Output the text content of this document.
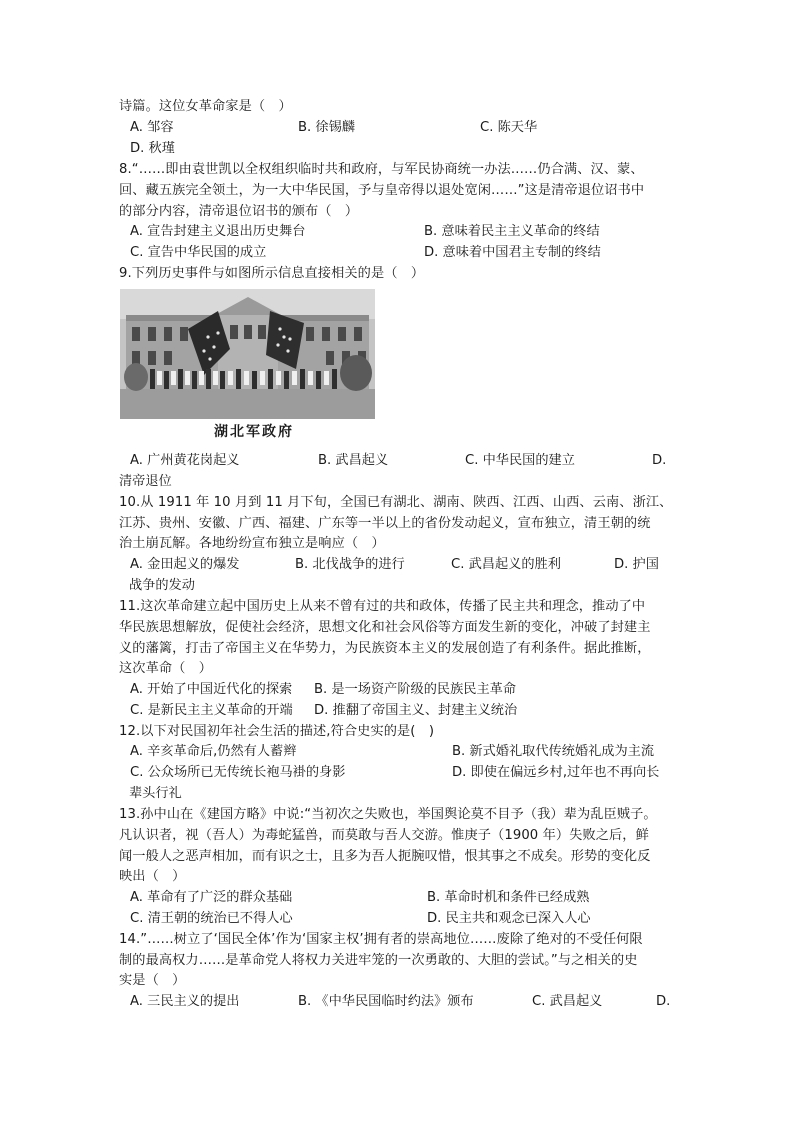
诗篇。这位女革命家是（　）
A. 邹容	B. 徐锡麟	C. 陈天华
D. 秋瑾
8.“……即由袁世凯以全权组织临时共和政府，与军民协商统一办法……仍合满、汉、蒙、
回、藏五族完全领土，为一大中华民国，予与皇帝得以退处宽闲……”这是清帝退位诏书中
的部分内容，清帝退位诏书的颁布（　）
A. 宣告封建主义退出历史舞台	B. 意味着民主主义革命的终结
C. 宣告中华民国的成立	D. 意味着中国君主专制的终结
9.下列历史事件与如图所示信息直接相关的是（　）
湖北军政府
A. 广州黄花岗起义	B. 武昌起义	C. 中华民国的建立	D.
清帝退位
10.从 1911 年 10 月到 11 月下旬，全国已有湖北、湖南、陕西、江西、山西、云南、浙江、
江苏、贵州、安徽、广西、福建、广东等一半以上的省份发动起义，宣布独立，清王朝的统
治土崩瓦解。各地纷纷宣布独立是响应（　）
A. 金田起义的爆发	B. 北伐战争的进行	C. 武昌起义的胜利	D. 护国
战争的发动
11.这次革命建立起中国历史上从来不曾有过的共和政体，传播了民主共和理念，推动了中
华民族思想解放，促使社会经济，思想文化和社会风俗等方面发生新的变化，冲破了封建主
义的藩篱，打击了帝国主义在华势力，为民族资本主义的发展创造了有利条件。据此推断，
这次革命（　）
A. 开始了中国近代化的探索 B. 是一场资产阶级的民族民主革命
C. 是新民主主义革命的开端 D. 推翻了帝国主义、封建主义统治
12.以下对民国初年社会生活的描述,符合史实的是(　)
A. 辛亥革命后,仍然有人蓄辫	B. 新式婚礼取代传统婚礼成为主流
C. 公众场所已无传统长袍马褂的身影	D. 即使在偏远乡村,过年也不再向长
辈头行礼
13.孙中山在《建国方略》中说:“当初次之失败也，举国舆论莫不目予（我）辈为乱臣贼子。
凡认识者，视（吾人）为毒蛇猛兽，而莫敢与吾人交游。惟庚子（1900 年）失败之后，鲜
闻一般人之恶声相加，而有识之士，且多为吾人扼腕叹惜，恨其事之不成矣。形势的变化反
映出（　）
A. 革命有了广泛的群众基础	B. 革命时机和条件已经成熟
C. 清王朝的统治已不得人心	D. 民主共和观念已深入人心
14.”……树立了‘国民全体’作为‘国家主权’拥有者的崇高地位……废除了绝对的不受任何限
制的最高权力……是革命党人将权力关进牢笼的一次勇敢的、大胆的尝试。”与之相关的史
实是（　）
A. 三民主义的提出	B. 《中华民国临时约法》颁布	C. 武昌起义	D.
